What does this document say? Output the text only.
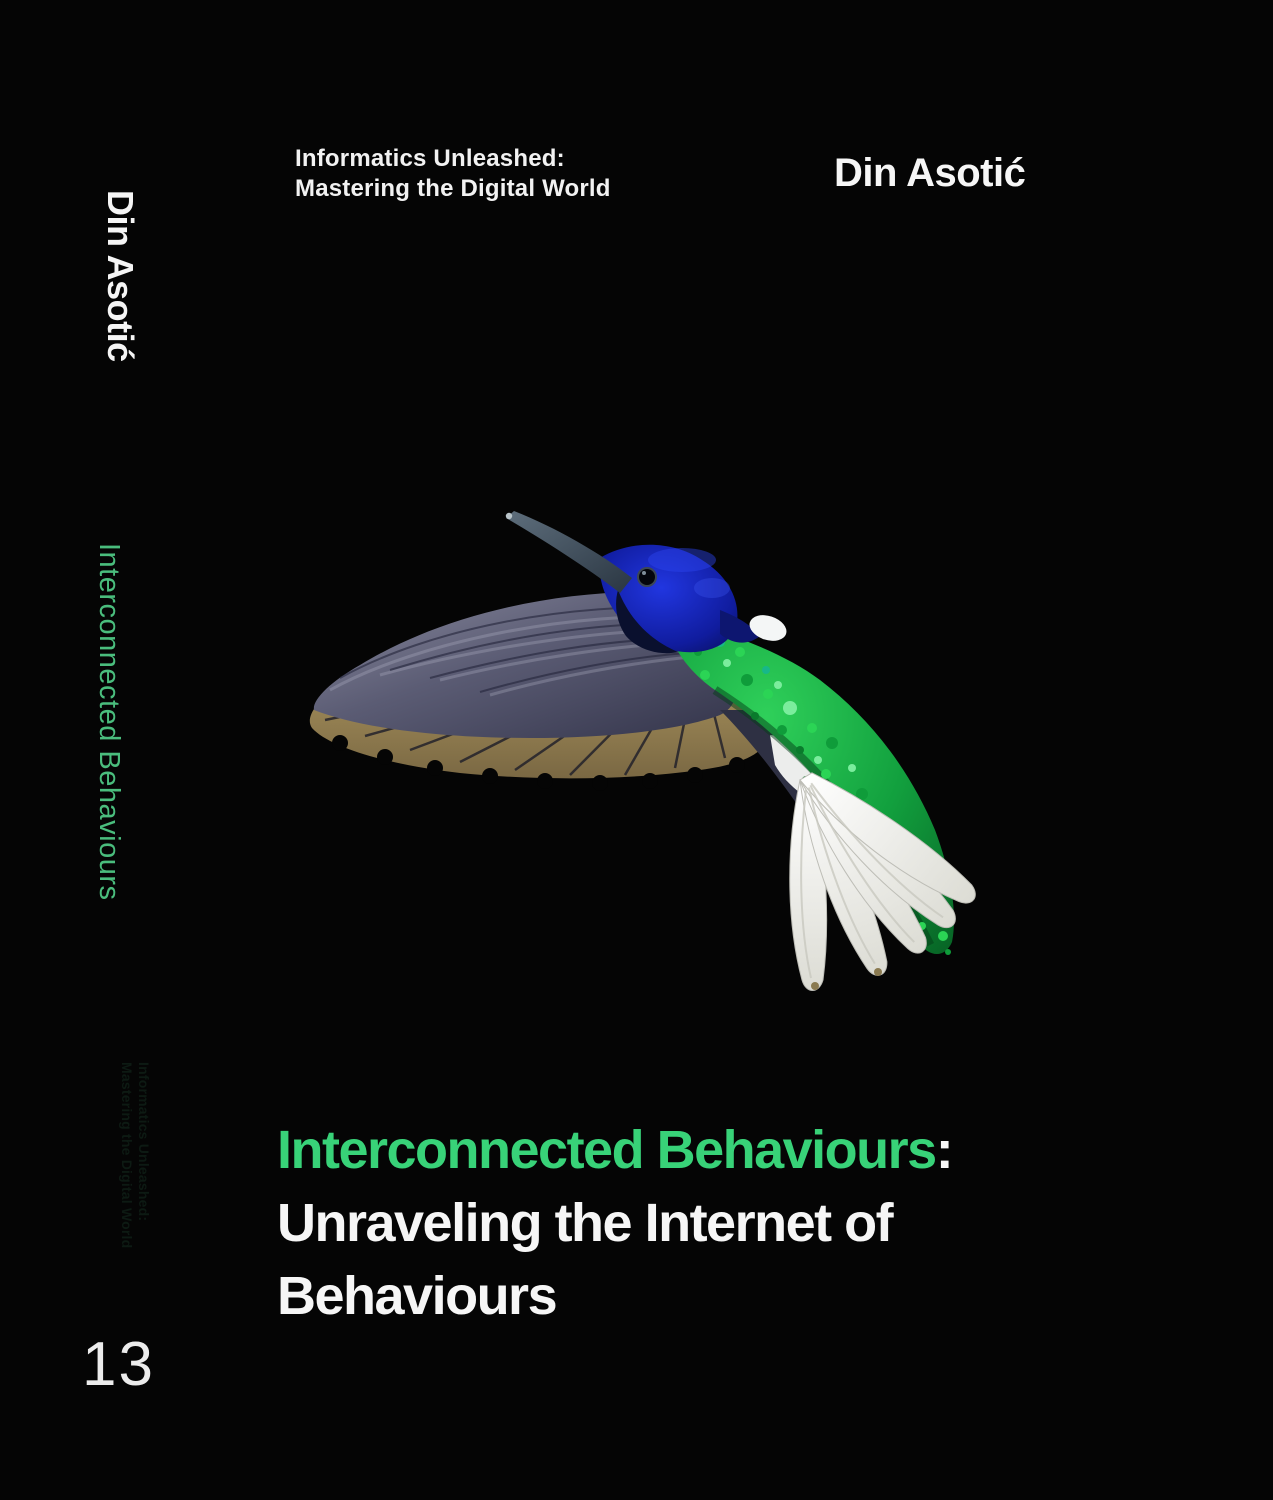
Din Asotić
Interconnected Behaviours
Informatics Unleashed:
Mastering the Digital World
13
Informatics Unleashed:
Mastering the Digital World	Din Asotić
Interconnected Behaviours:
Unraveling the Internet of
Behaviours
